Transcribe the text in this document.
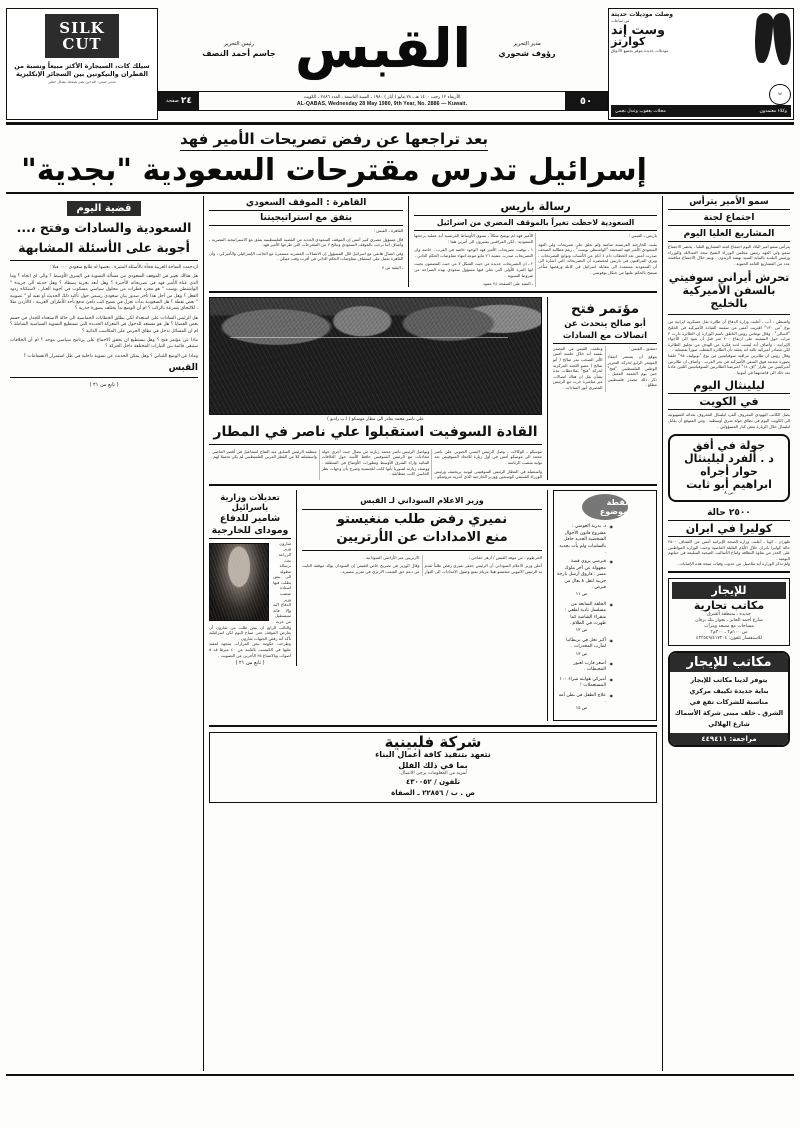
وصلت موديلات حديثة
من ساعات
وست إند
كوارتز
موديلات جديدة تتوفر بجميع الأذواق
W
وكلاء معتمدون
محلات يعقوب وعدل نجمي
مدير التحرير
رؤوف شحوري
القبس
رئيس التحرير
جاسم أحمد النصف
٥٠
الأربعاء ١٢ رجب ١٤٠٠ هـ ـ ٢٨ مايو ( أيار ) ١٩٨٠ ـ السنة التاسعة ـ العدد ٢٨٨٦ ـ الكويت
AL-QABAS, Wednesday 28 May 1980, 9th Year, No. 2886 — Kuwait.
٢٤
صفحة
SILK
CUT
سيلك كات، السيجارة الأكثر مبيعاً ونسبة من القطران والنيكوتين بين السجائر الإنكليزية
تحذير صحي: التدخين يضر بصحتك بشكل خطير
بعد تراجعها عن رفض تصريحات الأمير فهد
إسرائيل تدرس مقترحات السعودية "بجدية"
سمو الأمير يترأس
اجتماع لجنة
المشاريع العليا اليوم
يترأس سمو أمير البلاد اليوم اجتماع لجنة المشاريع العليا . يحضر الاجتماع سمو ولي العهد رئيس مجلس الوزراء الشيخ سعد العبدالله والوزراء ورئيس البلدية بالنيابة السيد نهضة الزيدون . ويتم خلال الاجتماع مناقشة عدد من المشاريع العامة الحيوية .
تحرش أيراني سوفيتي بالسفن الأميركية بالخليج
واشنطن ـ أ.ب ـ أعلنت وزارة الدفاع أن طائرة نقل عسكرية ايرانية من نوع "س ١٣٠" اقتربت أمس من سفينة القيادة الأميركية في الخليج "لاسالي" . وقال توماس روس الناطق باسم الوزارة إن الطائرة دارت ٣ مرات حول السفينة على ارتفاع ٢٠٠ متر قبل أن تعود الى الأجواء الإيرانية . وأضاف أنه ليست لديه فكرة عن الهدف من تحليق الطائرة لكن مصادر أميركية ثالثة أنه يعتقد بأن الطائرة التقطت صوراً تفصيلية .
وقال روس ان طائرتي مراقبة سوفياتيتين من نوع "توبوليف ٩٥" حلقتا بصورة متدنية فوق السفن الأميركية في بحر العرب . وأضاف ان طائرتين أميركيتين من طراز "اف ١٤" اعترضتا الطائرتين السوفياتيتين اللتين عادتا بعد ذلك الى قاعدتهما في أثيوبيا .
ليلينثال اليوم
في الكويت
يصل الكاتب اليهودي المعروف ألفرد ليلينثال المعروف بعدائه للصهيونية الى الكويت اليوم في نطاق جولة شرق أوسطية . ومن المتوقع أن يقابل ليلينثال خلال الزيارة بعض كبار المسؤولين .
جولة في أفق
د . ألفرد ليلينثال
حوار أجراه
ابراهيم أبو ثابت
ص ٨
٢٥٠٠ حالة
كوليرا في ايران
طهران ـ كونا ـ أعلنت وزارة الصحة الإيرانية أمس عن اكتشاف ٢٥٠٠ حالة كوليرا بايران خلال الأيام القليلة الماضية وحثت الوزارة المواطنين على الحذر من نقاوة النظافة واتباع الأساليب الصحية السليمة في حياتهم اليومية .
ولم تذكر الوزارة أية تفاصيل عن حدوث وفيات نتيجة هذه الإصابات .
للإيجار
مكاتب تجارية
جديدة ـ بمنطقة الشرق
شارع أحمد الجابر ـ بجوار بنك برقان
مساحات مع مصعد ومرآب
من ١٠٠م٢ ـ ٣٠٠م٢
للاستفسار تلفون: ٤٢٢٥٤٩/٤١٧٢٠٤
مكاتب للإيجار
يتوفر لدينا مكاتب للإيجار
بناية جديدة تكييف مركزي
مناسبة للشركات تقع في
الشرق ـ خلف مبنى شركة الأسماك
شارع الهلالي
مراجعة: ٤٤٩٤١١
رسالة باريس
السعودية لاحظت تغيراً بالموقف المصري من اسرائيل

باريس ـ القبس :

بقيت الخارجية الفرنسية صامتة ولم تعلق على تصريحات ولي العهد السعودي الأمير فهد لصحيفة "الواشنطن بوست" ، رغم مطالبة الصحف صدرت أمس بعد الخطاب دام ٤ أيام عن الأسباب ونوابع التصريحات . ويرى المراقبون في باريس لمختصرة أن التصريحات التي أشارة الى أن السعودية مستعدة الى مقابلة اسرائيل في كابلة ورفضها متأخر تسمح بالحكم عليها من جنكل بوفوسي .

الأمير فهد لم يوضح شكلاً ، بسوى الأوساط الفرنسية أية عملية يرجحها السعودية ، لكن المراقبين يشيرون الى أمرين هما :

١ ـ توقيت تصريحات الأمير فهد الوجود خاصة في القرب ، خاصة وان التصريحات صدرت عشية ٢٦ مايو موعد انتهاء مفاوضات الحكم الذاتي .

٢ ـ ان التصريحات جديدة من حيث الشكل لا من حيث المضمون بحيث انها المرة الأولى التي تعلن فيها مسؤول سعودي بهذه الصراحة عن شروط التسوية .

ـ البقية على الصفحة ٢٤ عمود

القاهرة : الموقف السعودي
يتفق مع استراتيجيتنا

القاهرة ـ القبس :

قال مسؤول مصري كبير أمس إن الموقف السعودي الجديد من القضية الفلسطينية يتفق مع الاستراتيجية المصرية ، وأضاف أننا نرحب بالموقف السعودي ونتائج ٢ من المقترحات التي طرحها الأمير فهد .

وفي اتصال هاتفي مع اسرائيل قال المسؤول إن الاتصالات المصرية مستمرة مع الجانب الإسرائيلي والأميركي ، وأن القاهرة تعمل على استئناف مفاوضات الحكم الذاتي في أقرب وقت ممكن .

ـ البقية ص ٧

مؤتمر فتح
أبو صالح يتحدث عن
اتصالات مع السادات

دمشق ـ القبس :

يتوقع أن يستمر انعقاد المؤتمر الرابع لحركة التحرير الوطني الفلسطيني "فتح" حتى يوم الجمعة المقبل . ذكر ذلك مصدر فلسطيني مطلع .

وعلمت القبس من المصدر نفسه أنه خلال جلسة أمس الأثر الصخب نمر صالح ( أبو صالح ) عضو اللجنة المركزية لحركة "فتح" بملاحظات عدة بشأن نقل ان هناك اتصالات غير مباشرة جرت مع الرئيس المصري أنور السادات .

علي ناصر محمد يغادر الى مطار موسكو ( ا.ب راديو )
القادة السوفيت استقبلوا علي ناصر في المطار

موسكو ـ الوكالات ـ وصل الرئيس اليمني الجنوبي علي ناصر محمد الى موسكو أمس في أول زيارة للاتحاد السوفييتي بعد توليه منصب الرئاسة .

واستقبله في المطار الرئيس السوفييتي ليونيد بريجنيف ورئيس الوزراء القسمي كوسيغين ووزير الخارجية الذي أندريه غروميكو .

ويواصل الرئيس ناصر محمد زيارته من نضال حيث أجرى جولة محادثات مع الرئيس السوفيتي حافظ الأسد حول العلاقات الثنائية وازاء الشرق الأوسط وتطورات الأوضاع في المنطقة . ووصف زيارته لسوريا بأنها كانت للجنسية وصرح بأن وجهات نظر الجانبين كانت متطابقة .

منظمة الرئيس السابق عبد الفتاح اسماعيل في أقصر الماضي . واستقبلته كلا من القطر العربي الفلسطيني لم يكن تجميلا لهم .

نقطة موضوع
◉ د. بدرية العوضي : مشروع قانون الأحوال الشخصية الجديد حافل بالسلبيات ولم يأت بجديد .
◉ قبرصي يروي قصة مجهولة عن آخر ملوك مصر : فاروق أرسل بارجة حربية لنقل ٨ بغال من قبرص .
ص ١١
◉ الحلقة السابعة من مسلسل نادية لطفي : شقراء الشاشة كما ظهرت في الظلام .
ص ١٢
◉ أكبر نخل في بريطانيا لمآرب المخدرات .
ص ١٣
◉ أصغر قارب لعبور المحيطات .
◉ أميركي هوايته شراء ١٠٠ المستعملات !
◉ علاج الطفل في بطن أمه .
ص ١٤
وزير الاعلام السوداني لـ القبس
نميري رفض طلب منغيستو
منع الامدادات عن الأرتريين

الخرطوم ـ من موفد القبس / أزهر خفاجي :

أعلن وزير الاعلام السوداني أن الرئيس جعفر نميري رفض طلباً تقدم به الرئيس الاثيوبي منغستو هيلا مريام بمنع وصول الامدادات الى الثوار الارتريين عبر الأراضي السودانية .

وقال الوزير في تصريح خاص للقبس إن السودان يؤكد موقفه الثابت من دعم حق الشعب الارتري في تقرير مصيره .

تعديلات وزارية باسرائيل
شامير للدفاع
ومودای للخارجية
شارون وزير الزراعة بعث برسالة مطولة الى بيغن يطلب فيها اسناده منصب وزير الدفاع اليه وإلا فانه سيستقيل من حزبه . والنائب الرابع ان بيغن طلب من شارون أن يعارض الموقف حتى صباح اليوم لكن اسرائيلية تأكد أنه رفض الجبهات شارون .
وطرحت حكومة بيغن القرارات بمجهد لمفتة عليها في الكنيست بالثانية عن ٤٠ ميرفا قد ٥ أصوات وبالامتناع ٢٥ الآخرين عن التصويت .
( تابع من ٢١ )
شركة فلبينية
نتعهد بتنفيذ كافة أعمال البناء
بما في ذلك الفلل
لمزيد من المعلومات يرجى الاتصال:
تلفون / ٤٣٠٠٥٢
ص . ب / ٢٢٨٥٦ ـ الصفاة
قضية اليوم
السعودية والسادات وفتح ،...
أجوبة على الأسئلة المشابهة

ازدحمت الساحة العربية فجأة بالأسئلة المثيرة ، بعضها له طابع سعودي ٠٠٠ فيلا :

هل هنالك تغيير في الموقف السعودي من مسألة التسوية في الشرق الأوسط ؟ والى اي اتجاه ؟ وما الذي عناه الأمير فهد في تصريحاته الأخيرة ؟ وهل أبعد بحرية يصطاد ؟ وهل حديثه الى جريدة " الواشنطن بوست " هو مجرد قطرات من محلول سياسي مسكوب في أجوبة الغبار ، لاستكناه ردود الفعل ؟ وهل من أجل هذا تأخر صدور بيان سعودي رسمي حول تأكيد ذلك الحديث أو نفيه أو " تصويبه " بعض نقطة ؟ هل السعودية بدأت تغزل في نسيج كبب دافئ تدفع بأحد الأطراف العربية ، كالأردن مثلا ، للالتحاق بسرعة بالركب ؟ ام أن الوضع بدأ يختلف بصورة جذرية ؟

هل الرئيس السادات على استعداد لكي يطلق الخطابات الحماسية الى حالة الاستعداد للجدل في حسم بعض القضايا ؟ هل هو مستعد للدخول في المعركة الجديدة التي تستطيع التسوية السياسية الشاملة ؟ ام ان المسائل تدخل في نطاق الحرص على المكاسب الذاتية ؟

ماذا عن مؤتمر فتح ؟ وهل يستطيع ان يحقق الاجماع على برنامج سياسي موحد ؟ ام أن الخلافات ستبقى قائمة بين التيارات المختلفة داخل الحركة ؟

وماذا عن الوضع اللبناني ؟ وهل يمكن الحديث عن تسوية داخلية في ظل استمرار الانقسامات ؟

القبس
( تابع من ٢١ )
